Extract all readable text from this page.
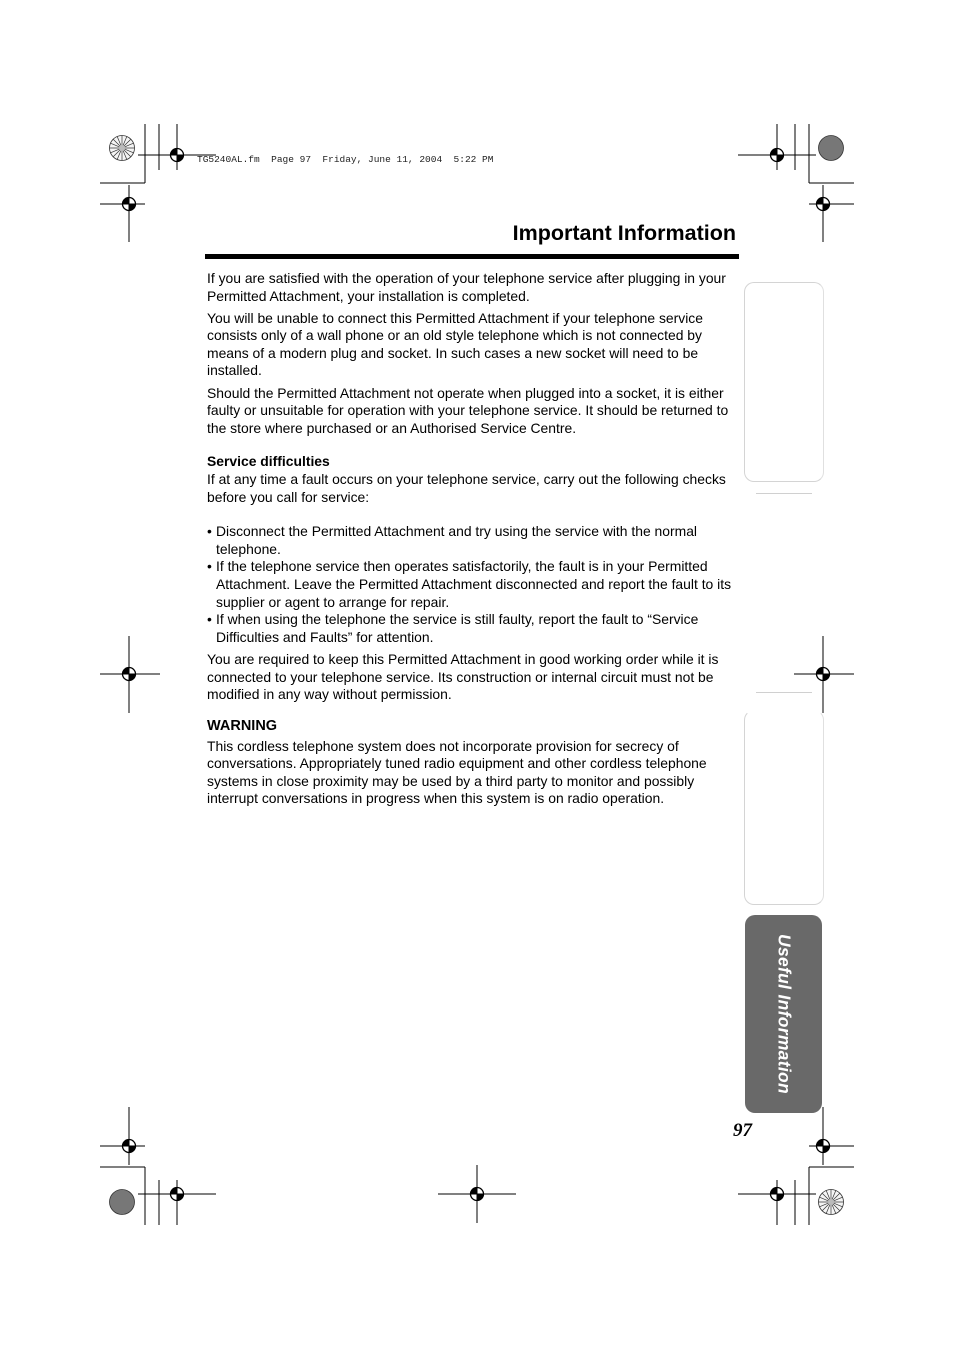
TG5240AL.fm  Page 97  Friday, June 11, 2004  5:22 PM
Important Information

If you are satisfied with the operation of your telephone service after plugging in your Permitted Attachment, your installation is completed.

You will be unable to connect this Permitted Attachment if your telephone service consists only of a wall phone or an old style telephone which is not connected by means of a modern plug and socket. In such cases a new socket will need to be installed.

Should the Permitted Attachment not operate when plugged into a socket, it is either faulty or unsuitable for operation with your telephone service. It should be returned to the store where purchased or an Authorised Service Centre.

Service difficulties

If at any time a fault occurs on your telephone service, carry out the following checks before you call for service:

• Disconnect the Permitted Attachment and try using the service with the normal telephone.
• If the telephone service then operates satisfactorily, the fault is in your Permitted Attachment. Leave the Permitted Attachment disconnected and report the fault to its supplier or agent to arrange for repair.
• If when using the telephone the service is still faulty, report the fault to “Service Difficulties and Faults” for attention.

You are required to keep this Permitted Attachment in good working order while it is connected to your telephone service. Its construction or internal circuit must not be modified in any way without permission.

WARNING

This cordless telephone system does not incorporate provision for secrecy of conversations. Appropriately tuned radio equipment and other cordless telephone systems in close proximity may be used by a third party to monitor and possibly interrupt conversations in progress when this system is on radio operation.

Useful Information
97
